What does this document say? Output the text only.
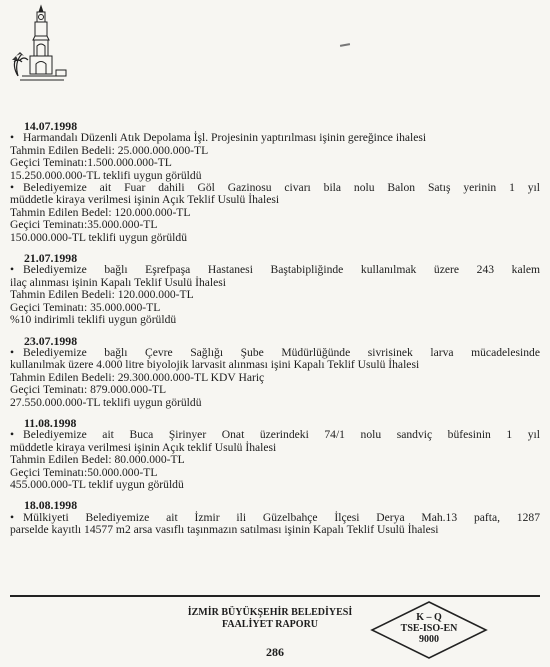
14.07.1998
• Harmandalı Düzenli Atık Depolama İşl. Projesinin yaptırılması işinin gereğince ihalesi
Tahmin Edilen Bedeli: 25.000.000.000-TL
Geçici Teminatı:1.500.000.000-TL
15.250.000.000-TL teklifi uygun görüldü
• Belediyemize ait Fuar dahili Göl Gazinosu civarı bila nolu Balon Satış yerinin 1 yıl
müddetle kiraya verilmesi işinin Açık Teklif Usulü İhalesi
Tahmin Edilen Bedel: 120.000.000-TL
Geçici Teminatı:35.000.000-TL
150.000.000-TL teklifi uygun görüldü
21.07.1998
• Belediyemize bağlı Eşrefpaşa Hastanesi Baştabipliğinde kullanılmak üzere 243 kalem
ilaç alınması işinin Kapalı Teklif Usulü İhalesi
Tahmin Edilen Bedeli: 120.000.000-TL
Geçici Teminatı: 35.000.000-TL
%10 indirimli teklifi uygun görüldü
23.07.1998
• Belediyemize bağlı Çevre Sağlığı Şube Müdürlüğünde sivrisinek larva mücadelesinde
kullanılmak üzere 4.000 litre biyolojik larvasit alınması işini Kapalı Teklif Usulü İhalesi
Tahmin Edilen Bedeli: 29.300.000.000-TL KDV Hariç
Geçici Teminatı: 879.000.000-TL
27.550.000.000-TL teklifi uygun görüldü
11.08.1998
• Belediyemize ait Buca Şirinyer Onat üzerindeki 74/1 nolu sandviç büfesinin 1 yıl
müddetle kiraya verilmesi işinin Açık teklif Usulü İhalesi
Tahmin Edilen Bedel: 80.000.000-TL
Geçici Teminatı:50.000.000-TL
455.000.000-TL teklif uygun görüldü
18.08.1998
• Mülkiyeti Belediyemize ait İzmir ili Güzelbahçe İlçesi Derya Mah.13 pafta, 1287
parselde kayıtlı 14577 m2 arsa vasıflı taşınmazın satılması işinin Kapalı Teklif Usulü İhalesi
İZMİR BÜYÜKŞEHİR BELEDİYESİ
FAALİYET RAPORU
K – Q
TSE-ISO-EN
9000
286
